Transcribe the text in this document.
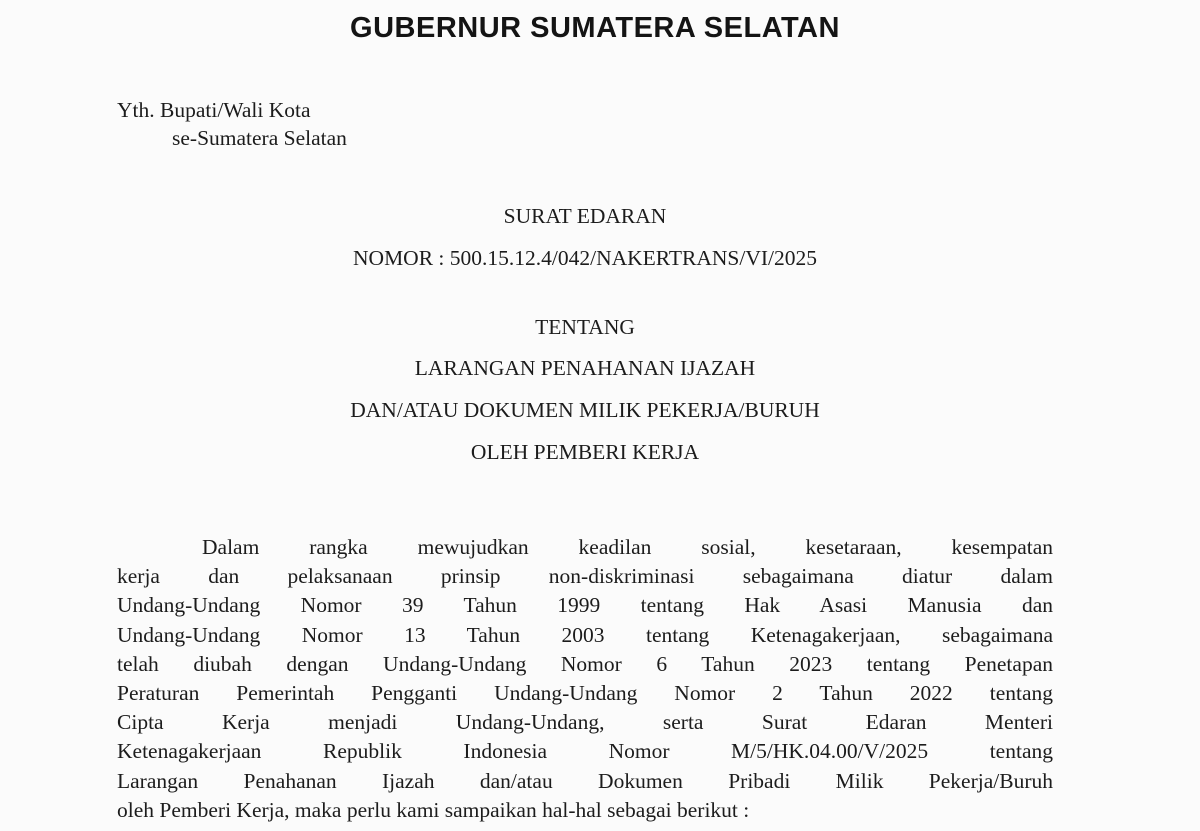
GUBERNUR SUMATERA SELATAN

Yth. Bupati/Wali Kota

se-Sumatera Selatan

SURAT EDARAN

NOMOR : 500.15.12.4/042/NAKERTRANS/VI/2025

TENTANG

LARANGAN PENAHANAN IJAZAH

DAN/ATAU DOKUMEN MILIK PEKERJA/BURUH

OLEH PEMBERI KERJA

Dalam rangka mewujudkan keadilan sosial, kesetaraan, kesempatan
kerja dan pelaksanaan prinsip non-diskriminasi sebagaimana diatur dalam
Undang-Undang Nomor 39 Tahun 1999 tentang Hak Asasi Manusia dan
Undang-Undang Nomor 13 Tahun 2003 tentang Ketenagakerjaan, sebagaimana
telah diubah dengan Undang-Undang Nomor 6 Tahun 2023 tentang Penetapan
Peraturan Pemerintah Pengganti Undang-Undang Nomor 2 Tahun 2022 tentang
Cipta Kerja menjadi Undang-Undang, serta Surat Edaran Menteri
Ketenagakerjaan Republik Indonesia Nomor M/5/HK.04.00/V/2025 tentang
Larangan Penahanan Ijazah dan/atau Dokumen Pribadi Milik Pekerja/Buruh
oleh Pemberi Kerja, maka perlu kami sampaikan hal-hal sebagai berikut :
